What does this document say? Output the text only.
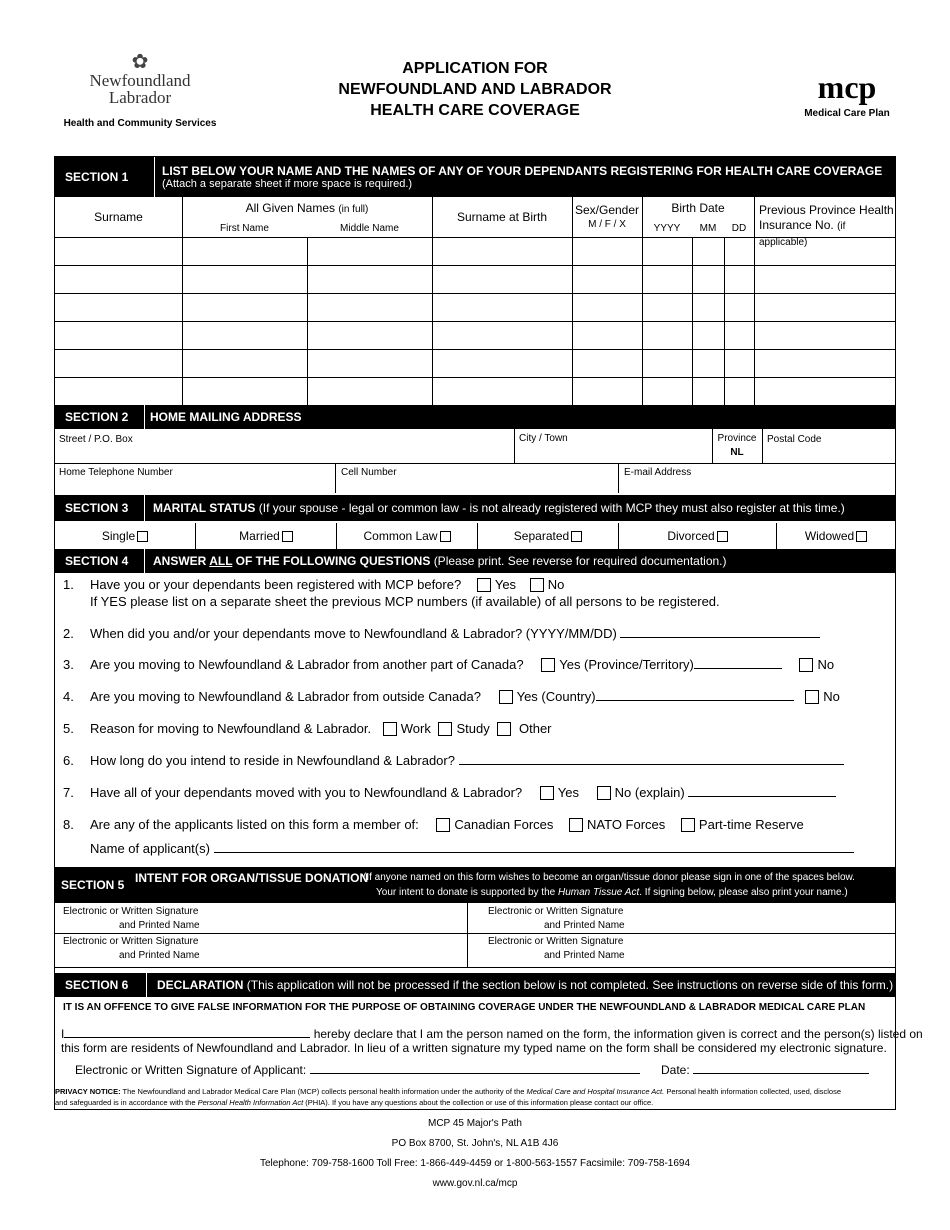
✿
Newfoundland
Labrador
Health and Community Services
APPLICATION FOR
NEWFOUNDLAND AND LABRADOR
HEALTH CARE COVERAGE
mcp
Medical Care Plan
SECTION 1	LIST BELOW YOUR NAME AND THE NAMES OF ANY OF YOUR DEPENDANTS REGISTERING FOR HEALTH CARE COVERAGE
(Attach a separate sheet if more space is required.)
Surname
All Given Names (in full)
First Name	Middle Name
Surname at Birth	Sex/Gender
M / F / X
Birth Date
YYYY	MM	DD
Previous Province Health
Insurance No. (if applicable)
SECTION 2	HOME MAILING ADDRESS
Street / P.O. Box	City / Town	Province
NL
Postal Code
Home Telephone Number	Cell Number	E-mail Address
SECTION 3	MARITAL STATUS
(If your spouse - legal or common law - is not already registered with MCP they must also register at this time.)
Single	Married	Common Law	Separated	Divorced	Widowed
SECTION 4	ANSWER ALL OF THE FOLLOWING QUESTIONS
(Please print. See reverse for required documentation.)
1. Have you or your dependants been registered with MCP before?	Yes No
If YES please list on a separate sheet the previous MCP numbers (if available) of all persons to be registered.
2. When did you and/or your dependants move to Newfoundland & Labrador? (YYYY/MM/DD)
3. Are you moving to Newfoundland & Labrador from another part of Canada?	Yes (Province/Territory)	No
4. Are you moving to Newfoundland & Labrador from outside Canada?	Yes (Country)	No
5. Reason for moving to Newfoundland & Labrador. Work Study Other
6. How long do you intend to reside in Newfoundland & Labrador?
7. Have all of your dependants moved with you to Newfoundland & Labrador?	Yes	No (explain)
8. Are any of the applicants listed on this form a member of:	Canadian Forces	NATO Forces	Part-time Reserve
Name of applicant(s)
SECTION 5 INTENT FOR ORGAN/TISSUE DONATION
(If anyone named on this form wishes to become an organ/tissue donor please sign in one of the spaces below.
Your intent to donate is supported by the Human Tissue Act. If signing below, please also print your name.)
Electronic or Written Signature
and Printed Name
Electronic or Written Signature
and Printed Name
Electronic or Written Signature
and Printed Name
Electronic or Written Signature
and Printed Name
SECTION 6	DECLARATION
(This application will not be processed if the section below is not completed. See instructions on reverse side of this form.)
IT IS AN OFFENCE TO GIVE FALSE INFORMATION FOR THE PURPOSE OF OBTAINING COVERAGE UNDER THE NEWFOUNDLAND & LABRADOR MEDICAL CARE PLAN
I	hereby declare that I am the person named on the form, the information given is correct and the person(s) listed on
this form are residents of Newfoundland and Labrador. In lieu of a written signature my typed name on the form shall be considered my electronic signature.
Electronic or Written Signature of Applicant:	Date:
PRIVACY NOTICE: The Newfoundland and Labrador Medical Care Plan (MCP) collects personal health information under the authority of the Medical Care and Hospital Insurance Act. Personal health information collected, used, disclose
and safeguarded is in accordance with the Personal Health Information Act (PHIA). If you have any questions about the collection or use of this information please contact our office.
MCP 45 Major's Path
PO Box 8700, St. John's, NL A1B 4J6
Telephone: 709-758-1600 Toll Free: 1-866-449-4459 or 1-800-563-1557 Facsimile: 709-758-1694
www.gov.nl.ca/mcp
